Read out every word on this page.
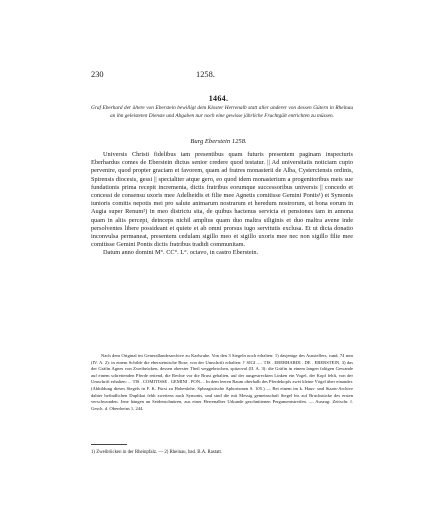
230	1258.
1464.
Graf Eberhard der ältere von Eberstein bewilligt dem Kloster Herrenalb statt aller anderer von dessen Gütern in Rheinau an ihn geleisteten Dienste und Abgaben nur noch eine gewisse jährliche Fruchtgült entrichten zu müssen.
Burg Eberstein 1258.

Universis Christi fidelibus tam presentibus quam futuris presentem paginam inspecturis Eberhardus comes de Eberstein dictus senior credere quod testatur. || Ad universitatis noticiam cupio pervenire, quod propter graciam et favorem, quam ad fratres monasterii de Alba, Cysterciensis ordinis, Spirensis diocesis, gessi || specialiter atque gero, eo quod idem monasterium a progenitoribus meis sue fundationis prima recepit incrementa, dictis fratribus eorumque successoribus universis || concedo et concessi de consensu uxoris mee Adelheidis et filie mee Agnetis comitisse Gemini Pontis¹) et Symonis iunioris comitis nepotis mei pro salute animarum nostrarum et heredum nostrorum, ut bona eorum in Augia super Renum²) in meo districtu sita, de quibus hactenus servicia et pensiones tam in annona quam in aliis percepi, deinceps nichil amplius quam duo maltra siliginis et duo maltra avene inde persolventes libere possideant et quiete et ab omni prorsus iugo servitutis exclusa. Et ut dicta donatio inconvulsa permaneat, presentem cedulam sigillo meo et sigillo uxoris mee nec non sigillo filie mee comitisse Gemini Pontis dictis fratribus tradidi communitam.

Datum anno domini M°. CC°. L°. octavo, in castro Eberstein.

Nach dem Original im Generallandesarchive zu Karlsruhe. Von den 3 Siegeln noch erhalten: 1) dasjenige des Ausstellers, rund, 74 mm (IV. A. 2): in einem Schilde die ebersteinische Rose, von der Umschrift erhalten: † SIGI...... TIS . EBERHARDI . DE . EBERSTEIN. 3) das der Gräfin Agnes von Zweibrücken, dessen oberster Theil weggebrochen, spitzoval (II. A. 3): die Gräfin in einem langen faltigen Gewande auf einem schreitenden Pferde reitend, die Rechte vor die Brust gehalten, auf der ausgestreckten Linken ein Vogel, der Kopf fehlt, von der Umschrift erhalten: ... TIS . COMITISSE . GEMINI . PON.... In dem leeren Raum oberhalb des Pferdekopfs zwei kleine Vögel über einander. (Abbildung dieses Siegels in F. K. Fürst zu Hohenlohe, Sphragistische Aphorismen S. 105.) — Bei einem im k. Haus- und Staats-Archive dahier befindlichen Duplikat fehlt zweitens nach Symonis, und sind die mit Messig gemeinschaft Siegel bis auf Bruchstücke des ersten verschwunden. Jene hängen an Seidenschnüren, aus einer Herrenalber Urkunde geschnittenen Pergamentstreifen. — Auszug: Zeitschr. f. Gesch. d. Oberrheins 1, 244.

1) Zweibrücken in der Rheinpfalz. — 2) Rheinau, bad. B.A. Rastatt.
